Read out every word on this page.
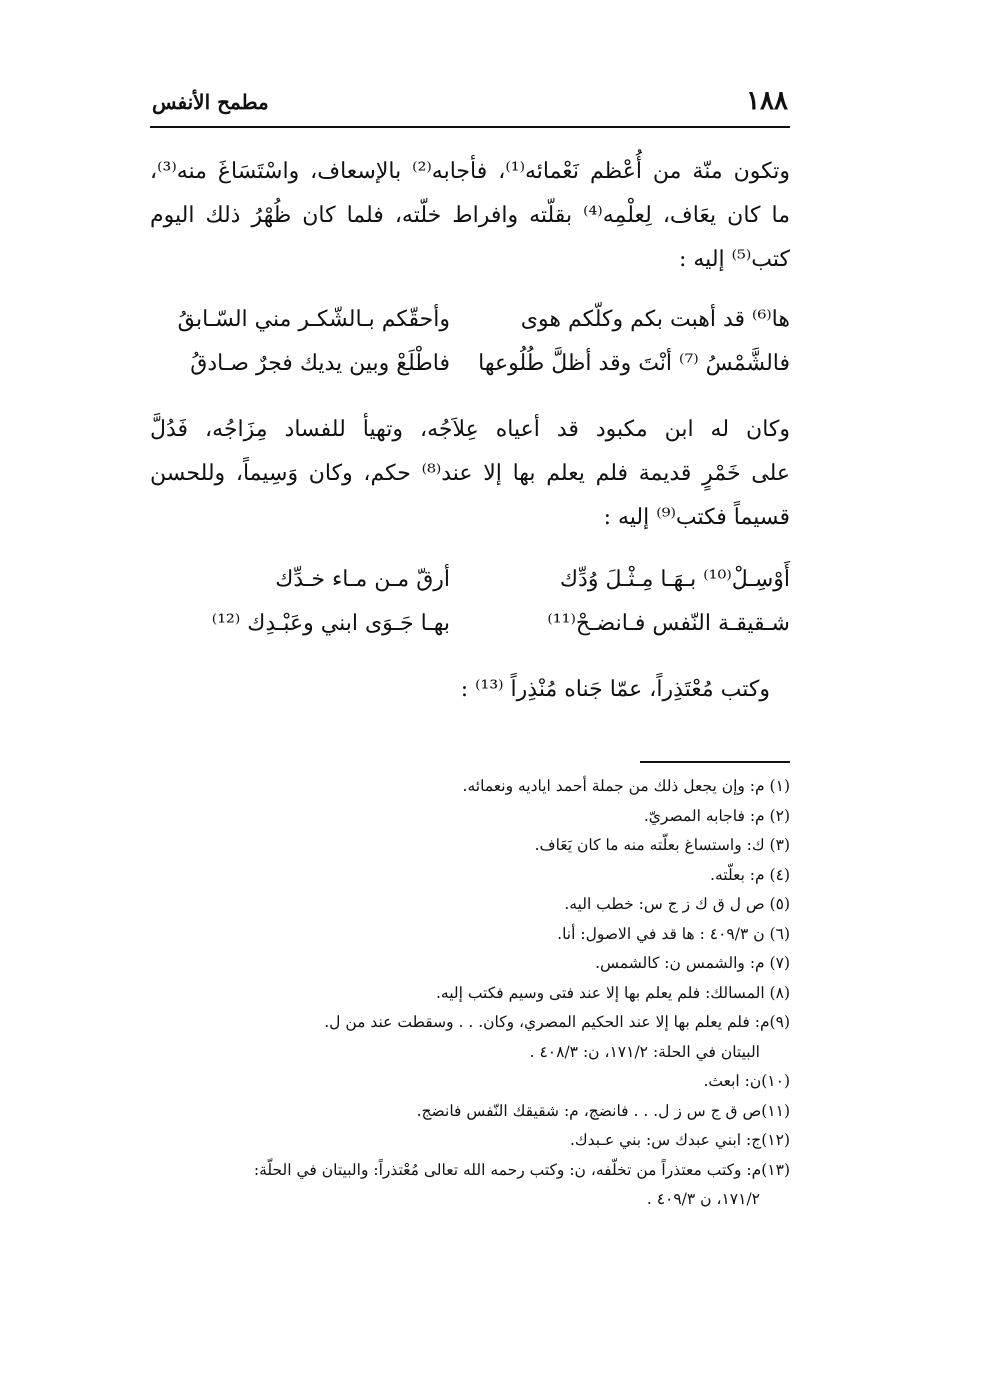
١٨٨
مطمح الأنفس
وتكون منّة من أُعْظم نَعْمائه⁽¹⁾، فأجابه⁽²⁾ بالإسعاف، واسْتَسَاغَ منه⁽³⁾،
ما كان يعَاف، لِعلْمِه⁽⁴⁾ بقلّته وافراط خلّته، فلما كان ظُهْرُ ذلك اليوم
كتب⁽⁵⁾ إليه :
ها⁽⁶⁾ قد أهبت بكم وكلّكم هوى
وأحقّكم بـالشّكـر مني السّـابقُ
فالشَّمْسُ ⁽⁷⁾ أنْتَ وقد أظلَّ طُلُوعها
فاطْلَعْ وبين يديك فجرٌ صـادقُ
وكان له ابن مكبود قد أعياه عِلاَجُه، وتهيأ للفساد مِزَاجُه، فَدُلَّ
على خَمْرٍ قديمة فلم يعلم بها إلا عند⁽⁸⁾ حكم، وكان وَسِيماً، وللحسن
قسيماً فكتب⁽⁹⁾ إليه :
أَوْسِـلْ⁽¹⁰⁾ بـهَـا مِـثْـلَ وُدِّك
أرقّ مـن مـاء خـدِّك
شـقيقـة النّفس فـانضـحْ⁽¹¹⁾
بهـا جَـوَى ابني وعَبْـدِك ⁽¹²⁾
وكتب مُعْتَذِراً، عمّا جَناه مُنْذِراً ⁽¹³⁾ :
(١) م: وإن يجعل ذلك من جملة أحمد اياديه ونعمائه.
(٢) م: فاجابه المصريّ.
(٣) ك: واستساغ بعلّته منه ما كان يَعَاف.
(٤) م: بعلّته.
(٥) ص ل ق ك ز ج س: خطب اليه.
(٦) ن ٤٠٩/٣ : ها قد في الاصول: أنا.
(٧) م: والشمس ن: كالشمس.
(٨) المسالك: فلم يعلم بها إلا عند فتى وسيم فكتب إليه.
(٩)م: فلم يعلم بها إلا عند الحكيم المصري، وكان. . . وسقطت عند من ل.
البيتان في الحلة: ١٧١/٢، ن: ٤٠٨/٣ .
(١٠)ن: ابعث.
(١١)ص ق ج س ز ل. . . فانضج، م: شقيقك النّفس فانضج.
(١٢)ج: ابني عبدك س: بني عـبدك.
(١٣)م: وكتب معتذراً من تخلّفه، ن: وكتب رحمه الله تعالى مُعْتذراً: والبيتان في الحلّة:
١٧١/٢، ن ٤٠٩/٣ .
